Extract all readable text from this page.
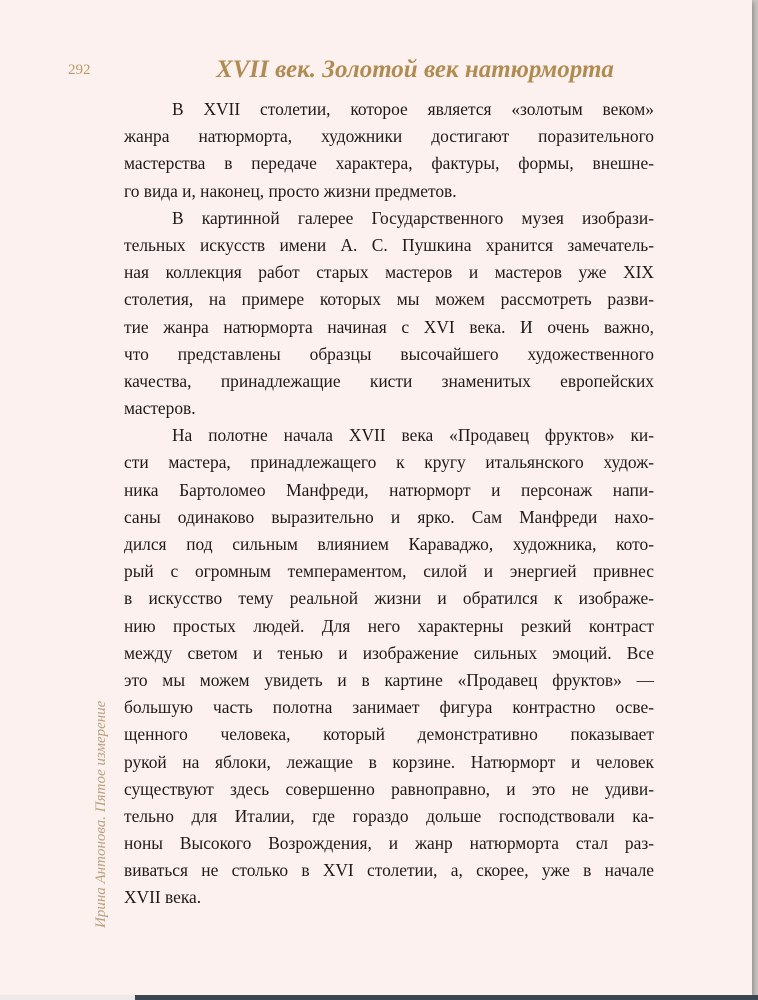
292	XVII век. Золотой век натюрморта
Ирина Антонова. Пятое измерение
В XVII столетии, которое является «золотым веком»
жанра натюрморта, художники достигают поразительного
мастерства в передаче характера, фактуры, формы, внешне-
го вида и, наконец, просто жизни предметов.
В картинной галерее Государственного музея изобрази-
тельных искусств имени А. С. Пушкина хранится замечатель-
ная коллекция работ старых мастеров и мастеров уже XIX
столетия, на примере которых мы можем рассмотреть разви-
тие жанра натюрморта начиная с XVI века. И очень важно,
что представлены образцы высочайшего художественного
качества, принадлежащие кисти знаменитых европейских
мастеров.
На полотне начала XVII века «Продавец фруктов» ки-
сти мастера, принадлежащего к кругу итальянского худож-
ника Бартоломео Манфреди, натюрморт и персонаж напи-
саны одинаково выразительно и ярко. Сам Манфреди нахо-
дился под сильным влиянием Караваджо, художника, кото-
рый с огромным темпераментом, силой и энергией привнес
в искусство тему реальной жизни и обратился к изображе-
нию простых людей. Для него характерны резкий контраст
между светом и тенью и изображение сильных эмоций. Все
это мы можем увидеть и в картине «Продавец фруктов» —
большую часть полотна занимает фигура контрастно осве-
щенного человека, который демонстративно показывает
рукой на яблоки, лежащие в корзине. Натюрморт и человек
существуют здесь совершенно равноправно, и это не удиви-
тельно для Италии, где гораздо дольше господствовали ка-
ноны Высокого Возрождения, и жанр натюрморта стал раз-
виваться не столько в XVI столетии, а, скорее, уже в начале
XVII века.
